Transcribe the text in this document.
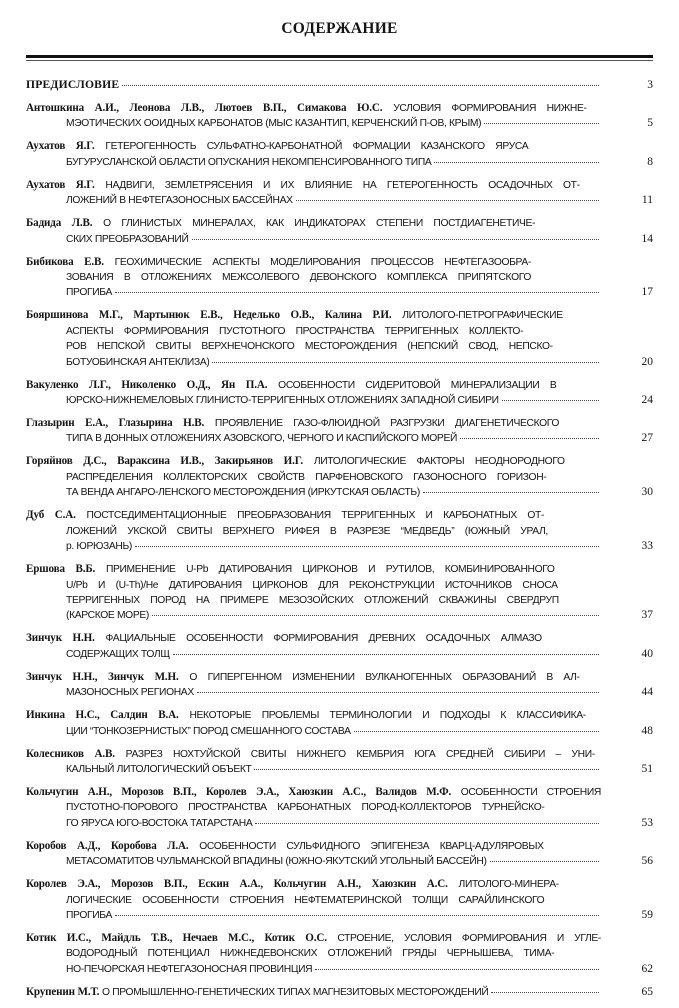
СОДЕРЖАНИЕ
ПРЕДИСЛОВИЕ	3
Антошкина А.И., Леонова Л.В., Лютоев В.П., Симакова Ю.С. УСЛОВИЯ ФОРМИРОВАНИЯ НИЖНЕ-
МЭОТИЧЕСКИХ ООИДНЫХ КАРБОНАТОВ (МЫС КАЗАНТИП, КЕРЧЕНСКИЙ П-ОВ, КРЫМ)	5
Аухатов Я.Г. ГЕТЕРОГЕННОСТЬ СУЛЬФАТНО-КАРБОНАТНОЙ ФОРМАЦИИ КАЗАНСКОГО ЯРУСА
БУГУРУСЛАНСКОЙ ОБЛАСТИ ОПУСКАНИЯ НЕКОМПЕНСИРОВАННОГО ТИПА	8
Аухатов Я.Г. НАДВИГИ, ЗЕМЛЕТРЯСЕНИЯ И ИХ ВЛИЯНИЕ НА ГЕТЕРОГЕННОСТЬ ОСАДОЧНЫХ ОТ-
ЛОЖЕНИЙ В НЕФТЕГАЗОНОСНЫХ БАССЕЙНАХ	11
Бадида Л.В. О ГЛИНИСТЫХ МИНЕРАЛАХ, КАК ИНДИКАТОРАХ СТЕПЕНИ ПОСТДИАГЕНЕТИЧЕ-
СКИХ ПРЕОБРАЗОВАНИЙ	14
Бибикова Е.В. ГЕОХИМИЧЕСКИЕ АСПЕКТЫ МОДЕЛИРОВАНИЯ ПРОЦЕССОВ НЕФТЕГАЗООБРА-
ЗОВАНИЯ В ОТЛОЖЕНИЯХ МЕЖСОЛЕВОГО ДЕВОНСКОГО КОМПЛЕКСА ПРИПЯТСКОГО
ПРОГИБА	17
Бояршинова М.Г., Мартынюк Е.В., Неделько О.В., Калина Р.И. ЛИТОЛОГО-ПЕТРОГРАФИЧЕСКИЕ
АСПЕКТЫ ФОРМИРОВАНИЯ ПУСТОТНОГО ПРОСТРАНСТВА ТЕРРИГЕННЫХ КОЛЛЕКТО-
РОВ НЕПСКОЙ СВИТЫ ВЕРХНЕЧОНСКОГО МЕСТОРОЖДЕНИЯ (НЕПСКИЙ СВОД, НЕПСКО-
БОТУОБИНСКАЯ АНТЕКЛИЗА)	20
Вакуленко Л.Г., Николенко О.Д., Ян П.А. ОСОБЕННОСТИ СИДЕРИТОВОЙ МИНЕРАЛИЗАЦИИ В
ЮРСКО-НИЖНЕМЕЛОВЫХ ГЛИНИСТО-ТЕРРИГЕННЫХ ОТЛОЖЕНИЯХ ЗАПАДНОЙ СИБИРИ	24
Глазырин Е.А., Глазырина Н.В. ПРОЯВЛЕНИЕ ГАЗО-ФЛЮИДНОЙ РАЗГРУЗКИ ДИАГЕНЕТИЧЕСКОГО
ТИПА В ДОННЫХ ОТЛОЖЕНИЯХ АЗОВСКОГО, ЧЕРНОГО И КАСПИЙСКОГО МОРЕЙ	27
Горяйнов Д.С., Вараксина И.В., Закирьянов И.Г. ЛИТОЛОГИЧЕСКИЕ ФАКТОРЫ НЕОДНОРОДНОГО
РАСПРЕДЕЛЕНИЯ КОЛЛЕКТОРСКИХ СВОЙСТВ ПАРФЕНОВСКОГО ГАЗОНОСНОГО ГОРИЗОН-
ТА ВЕНДА АНГАРО-ЛЕНСКОГО МЕСТОРОЖДЕНИЯ (ИРКУТСКАЯ ОБЛАСТЬ)	30
Дуб С.А. ПОСТСЕДИМЕНТАЦИОННЫЕ ПРЕОБРАЗОВАНИЯ ТЕРРИГЕННЫХ И КАРБОНАТНЫХ ОТ-
ЛОЖЕНИЙ УКСКОЙ СВИТЫ ВЕРХНЕГО РИФЕЯ В РАЗРЕЗЕ “МЕДВЕДЬ” (ЮЖНЫЙ УРАЛ,
р. ЮРЮЗАНЬ)	33
Ершова В.Б. ПРИМЕНЕНИЕ U-Pb ДАТИРОВАНИЯ ЦИРКОНОВ И РУТИЛОВ, КОМБИНИРОВАННОГО
U/Pb И (U-Th)/He ДАТИРОВАНИЯ ЦИРКОНОВ ДЛЯ РЕКОНСТРУКЦИИ ИСТОЧНИКОВ СНОСА
ТЕРРИГЕННЫХ ПОРОД НА ПРИМЕРЕ МЕЗОЗОЙСКИХ ОТЛОЖЕНИЙ СКВАЖИНЫ СВЕРДРУП
(КАРСКОЕ МОРЕ)	37
Зинчук Н.Н. ФАЦИАЛЬНЫЕ ОСОБЕННОСТИ ФОРМИРОВАНИЯ ДРЕВНИХ ОСАДОЧНЫХ АЛМАЗО
СОДЕРЖАЩИХ ТОЛЩ	40
Зинчук Н.Н., Зинчук М.Н. О ГИПЕРГЕННОМ ИЗМЕНЕНИИ ВУЛКАНОГЕННЫХ ОБРАЗОВАНИЙ В АЛ-
МАЗОНОСНЫХ РЕГИОНАХ	44
Инкина Н.С., Салдин В.А. НЕКОТОРЫЕ ПРОБЛЕМЫ ТЕРМИНОЛОГИИ И ПОДХОДЫ К КЛАССИФИКА-
ЦИИ “ТОНКОЗЕРНИСТЫХ” ПОРОД СМЕШАННОГО СОСТАВА	48
Колесников А.В. РАЗРЕЗ НОХТУЙСКОЙ СВИТЫ НИЖНЕГО КЕМБРИЯ ЮГА СРЕДНЕЙ СИБИРИ – УНИ-
КАЛЬНЫЙ ЛИТОЛОГИЧЕСКИЙ ОБЪЕКТ	51
Кольчугин А.Н., Морозов В.П., Королев Э.А., Хаюзкин А.С., Валидов М.Ф. ОСОБЕННОСТИ СТРОЕНИЯ
ПУСТОТНО-ПОРОВОГО ПРОСТРАНСТВА КАРБОНАТНЫХ ПОРОД-КОЛЛЕКТОРОВ ТУРНЕЙСКО-
ГО ЯРУСА ЮГО-ВОСТОКА ТАТАРСТАНА	53
Коробов А.Д., Коробова Л.А. ОСОБЕННОСТИ СУЛЬФИДНОГО ЭПИГЕНЕЗА КВАРЦ-АДУЛЯРОВЫХ
МЕТАСОМАТИТОВ ЧУЛЬМАНСКОЙ ВПАДИНЫ (ЮЖНО-ЯКУТСКИЙ УГОЛЬНЫЙ БАССЕЙН)	56
Королев Э.А., Морозов В.П., Ескин А.А., Кольчугин А.Н., Хаюзкин А.С. ЛИТОЛОГО-МИНЕРА-
ЛОГИЧЕСКИЕ ОСОБЕННОСТИ СТРОЕНИЯ НЕФТЕМАТЕРИНСКОЙ ТОЛЩИ САРАЙЛИНСКОГО
ПРОГИБА	59
Котик И.С., Майдль Т.В., Нечаев М.С., Котик О.С. СТРОЕНИЕ, УСЛОВИЯ ФОРМИРОВАНИЯ И УГЛЕ-
ВОДОРОДНЫЙ ПОТЕНЦИАЛ НИЖНЕДЕВОНСКИХ ОТЛОЖЕНИЙ ГРЯДЫ ЧЕРНЫШЕВА, ТИМА-
НО-ПЕЧОРСКАЯ НЕФТЕГАЗОНОСНАЯ ПРОВИНЦИЯ	62
Крупенин М.Т. О ПРОМЫШЛЕННО-ГЕНЕТИЧЕСКИХ ТИПАХ МАГНЕЗИТОВЫХ МЕСТОРОЖДЕНИЙ	65
